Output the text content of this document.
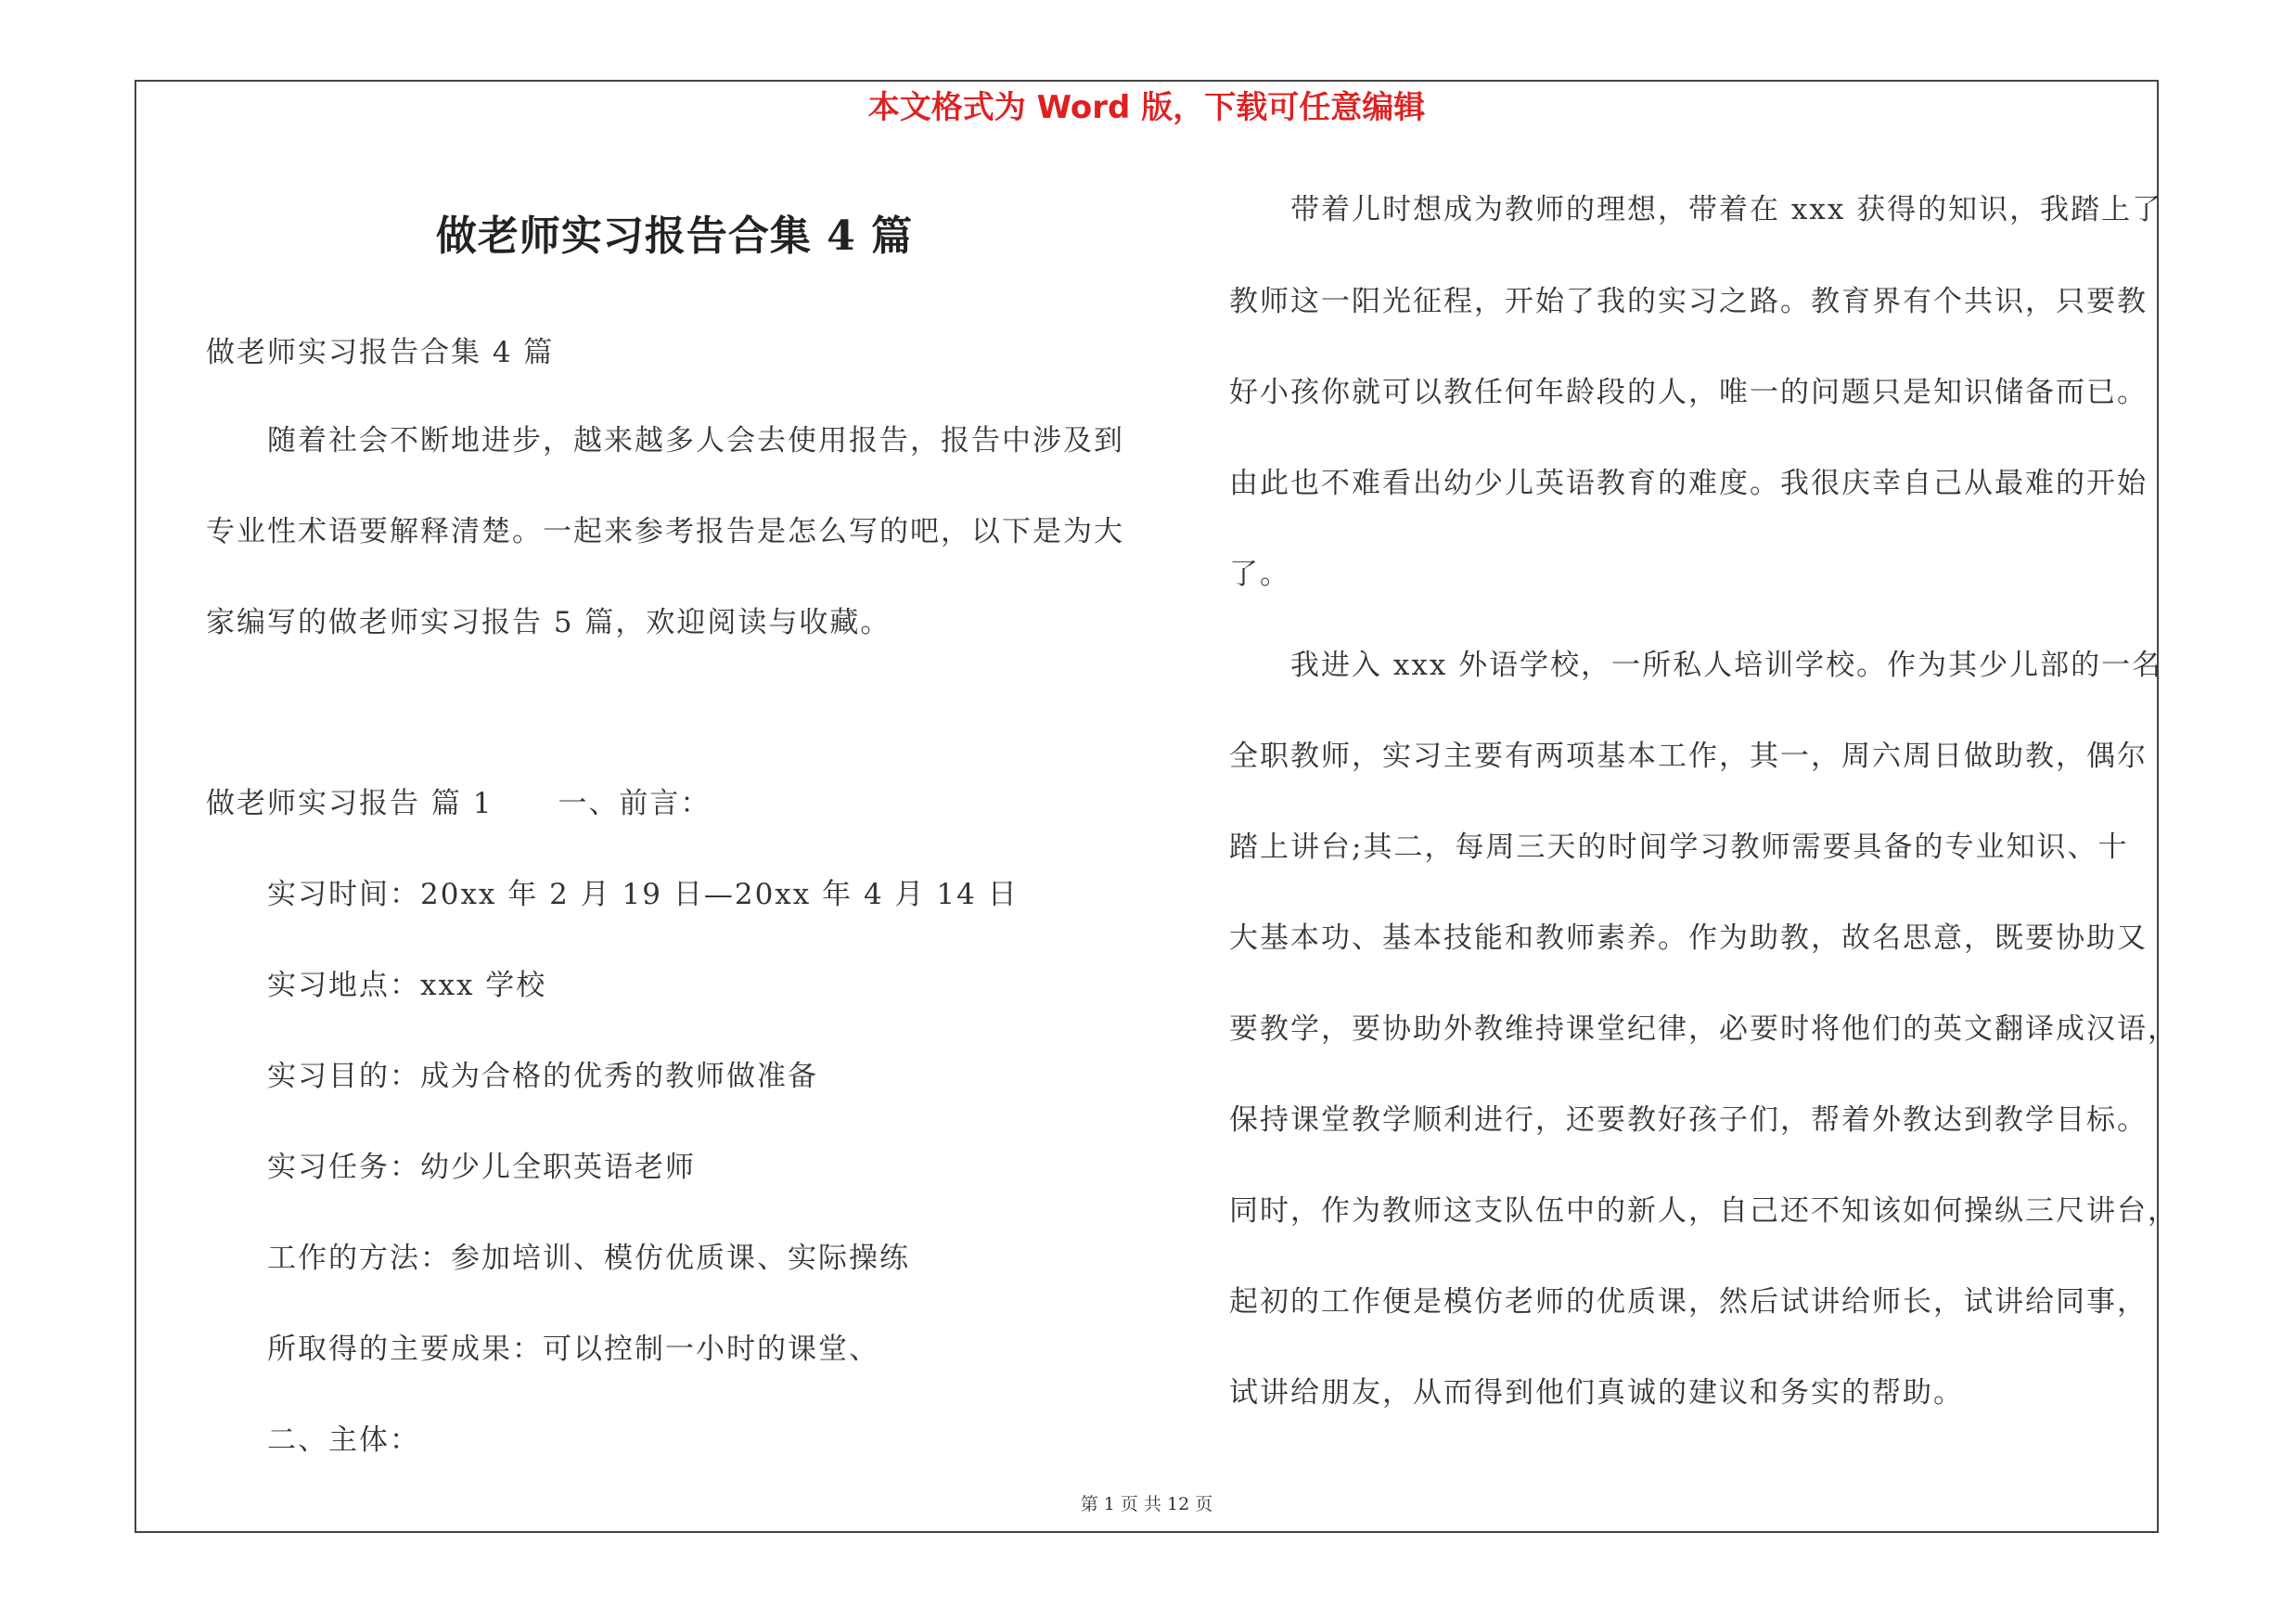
本文格式为 Word 版，下载可任意编辑
做老师实习报告合集 4 篇
做老师实习报告合集 4 篇
随着社会不断地进步，越来越多人会去使用报告，报告中涉及到
专业性术语要解释清楚。一起来参考报告是怎么写的吧，以下是为大
家编写的做老师实习报告 5 篇，欢迎阅读与收藏。
做老师实习报告 篇 1 一、前言：
实习时间：20xx 年 2 月 19 日—20xx 年 4 月 14 日
实习地点：xxx 学校
实习目的：成为合格的优秀的教师做准备
实习任务：幼少儿全职英语老师
工作的方法：参加培训、模仿优质课、实际操练
所取得的主要成果：可以控制一小时的课堂、
二、主体：
带着儿时想成为教师的理想，带着在 xxx 获得的知识，我踏上了
教师这一阳光征程，开始了我的实习之路。教育界有个共识，只要教
好小孩你就可以教任何年龄段的人，唯一的问题只是知识储备而已。
由此也不难看出幼少儿英语教育的难度。我很庆幸自己从最难的开始
了。
我进入 xxx 外语学校，一所私人培训学校。作为其少儿部的一名
全职教师，实习主要有两项基本工作，其一，周六周日做助教，偶尔
踏上讲台;其二，每周三天的时间学习教师需要具备的专业知识、十
大基本功、基本技能和教师素养。作为助教，故名思意，既要协助又
要教学，要协助外教维持课堂纪律，必要时将他们的英文翻译成汉语，
保持课堂教学顺利进行，还要教好孩子们，帮着外教达到教学目标。
同时，作为教师这支队伍中的新人，自己还不知该如何操纵三尺讲台，
起初的工作便是模仿老师的优质课，然后试讲给师长，试讲给同事，
试讲给朋友，从而得到他们真诚的建议和务实的帮助。
第 1 页 共 12 页
